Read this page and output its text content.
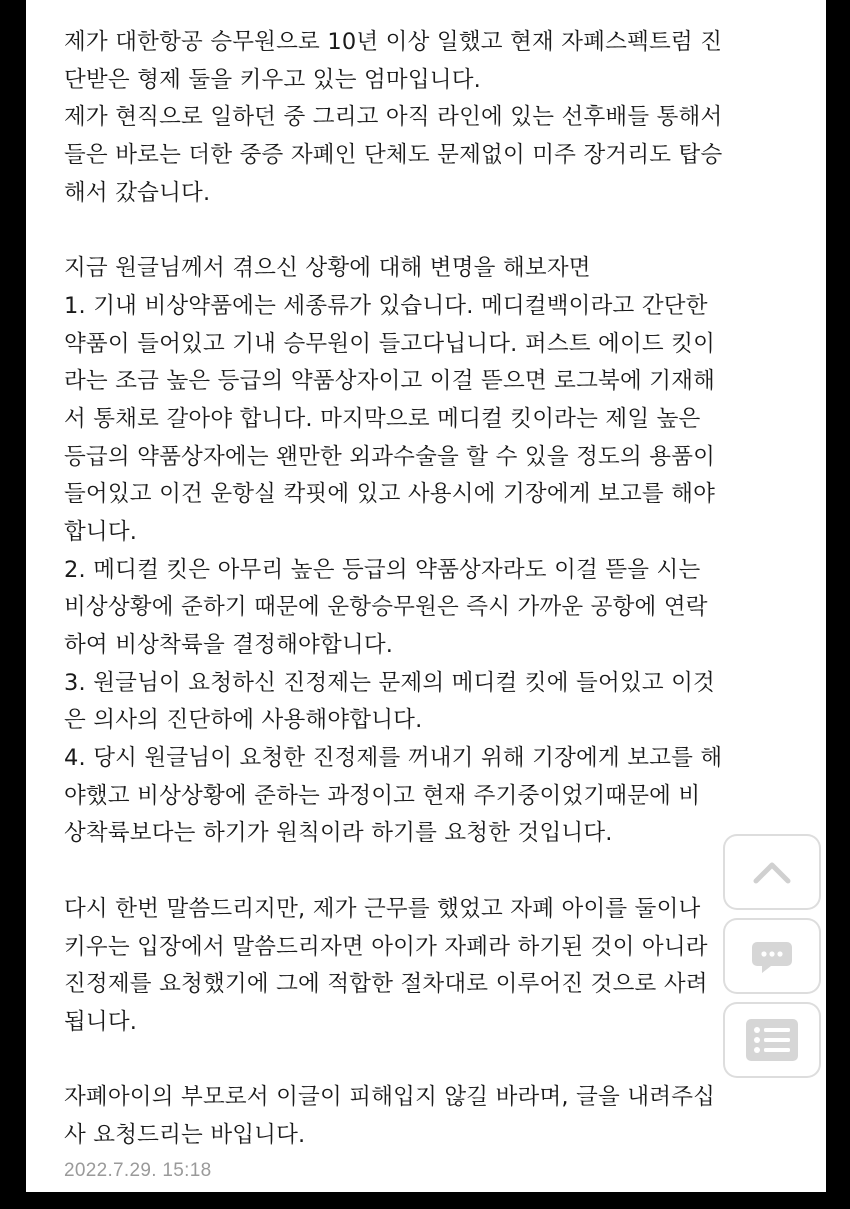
제가 대한항공 승무원으로 10년 이상 일했고 현재 자폐스펙트럼 진
단받은 형제 둘을 키우고 있는 엄마입니다.
제가 현직으로 일하던 중 그리고 아직 라인에 있는 선후배들 통해서
들은 바로는 더한 중증 자폐인 단체도 문제없이 미주 장거리도 탑승
해서 갔습니다.
지금 원글님께서 겪으신 상황에 대해 변명을 해보자면
1. 기내 비상약품에는 세종류가 있습니다. 메디컬백이라고 간단한
약품이 들어있고 기내 승무원이 들고다닙니다. 퍼스트 에이드 킷이
라는 조금 높은 등급의 약품상자이고 이걸 뜯으면 로그북에 기재해
서 통채로 갈아야 합니다. 마지막으로 메디컬 킷이라는 제일 높은
등급의 약품상자에는 왠만한 외과수술을 할 수 있을 정도의 용품이
들어있고 이건 운항실 칵핏에 있고 사용시에 기장에게 보고를 해야
합니다.
2. 메디컬 킷은 아무리 높은 등급의 약품상자라도 이걸 뜯을 시는
비상상황에 준하기 때문에 운항승무원은 즉시 가까운 공항에 연락
하여 비상착륙을 결정해야합니다.
3. 원글님이 요청하신 진정제는 문제의 메디컬 킷에 들어있고 이것
은 의사의 진단하에 사용해야합니다.
4. 당시 원글님이 요청한 진정제를 꺼내기 위해 기장에게 보고를 해
야했고 비상상황에 준하는 과정이고 현재 주기중이었기때문에 비
상착륙보다는 하기가 원칙이라 하기를 요청한 것입니다.
다시 한번 말씀드리지만, 제가 근무를 했었고 자폐 아이를 둘이나
키우는 입장에서 말씀드리자면 아이가 자폐라 하기된 것이 아니라
진정제를 요청했기에 그에 적합한 절차대로 이루어진 것으로 사려
됩니다.
자폐아이의 부모로서 이글이 피해입지 않길 바라며, 글을 내려주십
사 요청드리는 바입니다.
2022.7.29. 15:18
